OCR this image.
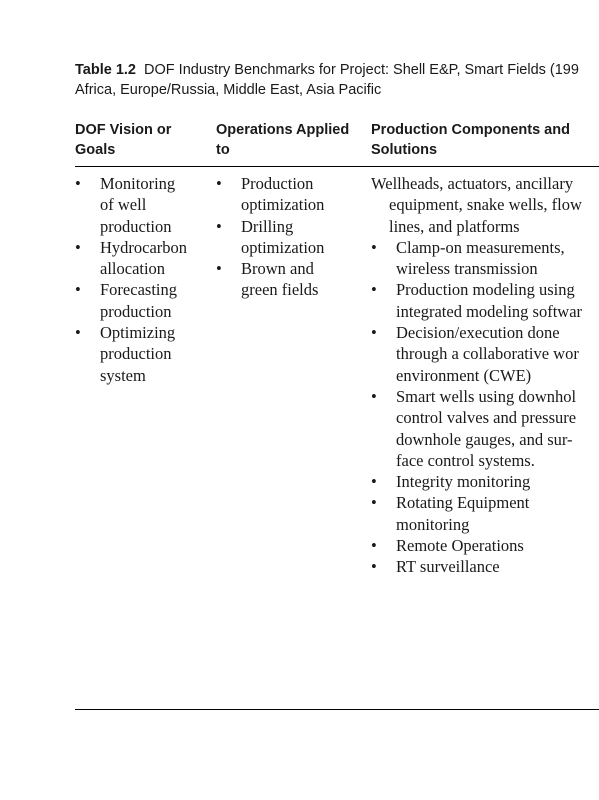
Table 1.2 DOF Industry Benchmarks for Project: Shell E&P, Smart Fields (199
Africa, Europe/Russia, Middle East, Asia Pacific
DOF Vision or
Goals
Operations Applied
to
Production Components and
Solutions
• Monitoring
of well
production
• Hydrocarbon
allocation
• Forecasting
production
• Optimizing
production
system
• Production
optimization
• Drilling
optimization
• Brown and
green fields
Wellheads, actuators, ancillary
equipment, snake wells, flow
lines, and platforms
• Clamp-on measurements,
wireless transmission
• Production modeling using
integrated modeling softwar
• Decision/execution done
through a collaborative wor
environment (CWE)
• Smart wells using downhol
control valves and pressure
downhole gauges, and sur-
face control systems.
• Integrity monitoring
• Rotating Equipment
monitoring
• Remote Operations
• RT surveillance
